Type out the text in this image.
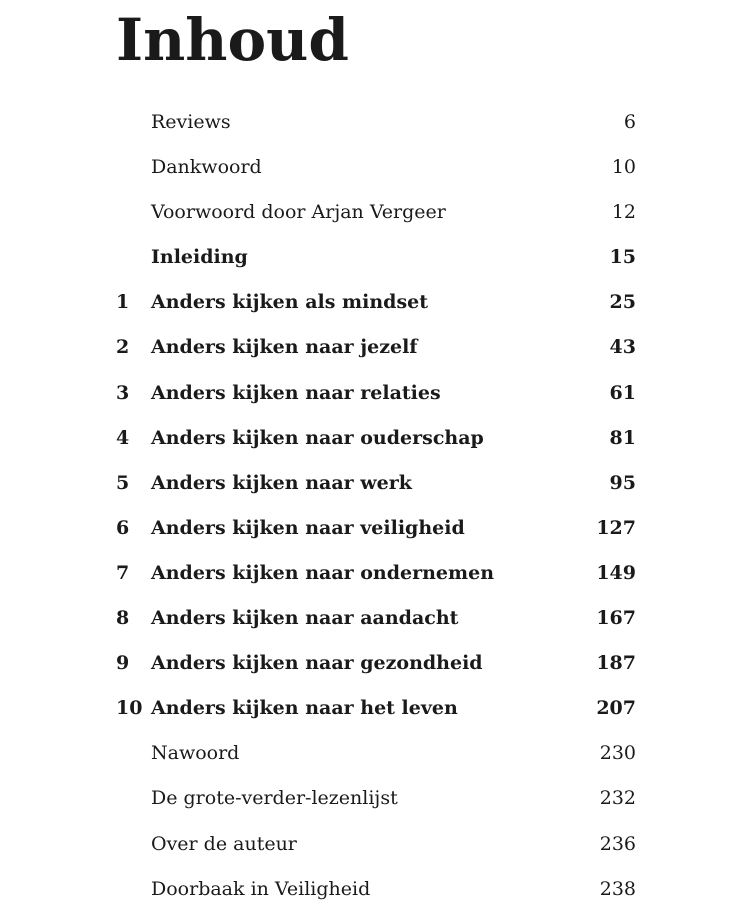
Inhoud
Reviews	6
Dankwoord	10
Voorwoord door Arjan Vergeer	12
Inleiding	15
1	Anders kijken als mindset	25
2	Anders kijken naar jezelf	43
3	Anders kijken naar relaties	61
4	Anders kijken naar ouderschap	81
5	Anders kijken naar werk	95
6	Anders kijken naar veiligheid	127
7	Anders kijken naar ondernemen	149
8	Anders kijken naar aandacht	167
9	Anders kijken naar gezondheid	187
10 Anders kijken naar het leven	207
Nawoord	230
De grote-verder-lezenlijst	232
Over de auteur	236
Doorbaak in Veiligheid	238
